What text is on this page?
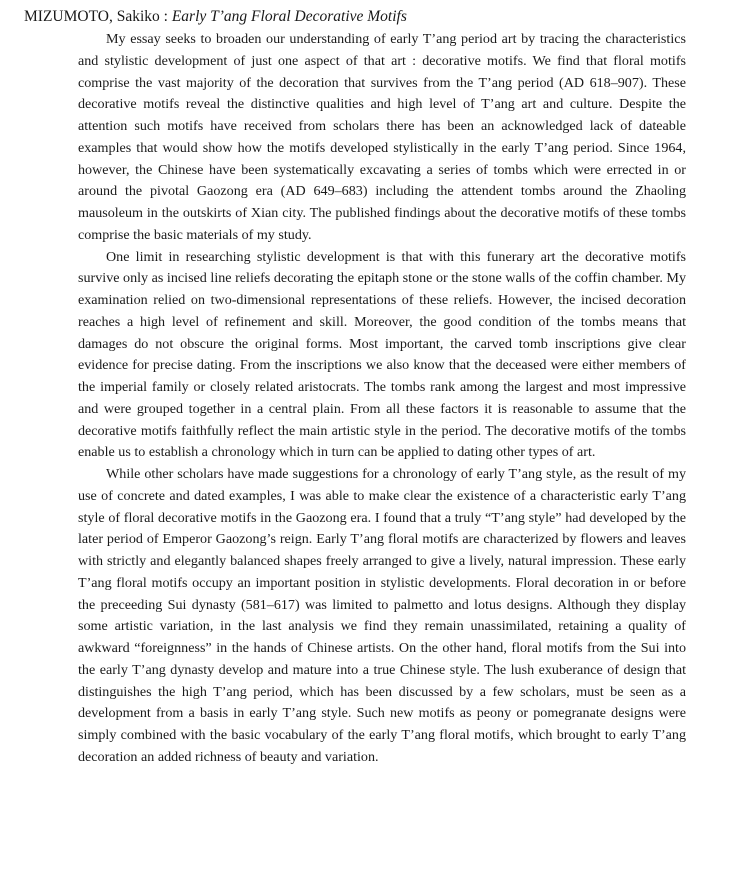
MIZUMOTO, Sakiko : Early T’ang Floral Decorative Motifs

My essay seeks to broaden our understanding of early T’ang period art by tracing the characteristics and stylistic development of just one aspect of that art : decorative motifs. We find that floral motifs comprise the vast majority of the decoration that survives from the T’ang period (AD 618–907). These decorative motifs reveal the distinctive qualities and high level of T’ang art and culture. Despite the attention such motifs have received from scholars there has been an acknowledged lack of dateable examples that would show how the motifs developed stylistically in the early T’ang period. Since 1964, however, the Chinese have been systematically excavating a series of tombs which were errected in or around the pivotal Gaozong era (AD 649–683) including the attendent tombs around the Zhaoling mausoleum in the outskirts of Xian city. The published findings about the decorative motifs of these tombs comprise the basic materials of my study.

One limit in researching stylistic development is that with this funerary art the decorative motifs survive only as incised line reliefs decorating the epitaph stone or the stone walls of the coffin chamber. My examination relied on two-dimensional representations of these reliefs. However, the incised decoration reaches a high level of refinement and skill. Moreover, the good condition of the tombs means that damages do not obscure the original forms. Most important, the carved tomb inscriptions give clear evidence for precise dating. From the inscriptions we also know that the deceased were either members of the imperial family or closely related aristocrats. The tombs rank among the largest and most impressive and were grouped together in a central plain. From all these factors it is reasonable to assume that the decorative motifs faithfully reflect the main artistic style in the period. The decorative motifs of the tombs enable us to establish a chronology which in turn can be applied to dating other types of art.

While other scholars have made suggestions for a chronology of early T’ang style, as the result of my use of concrete and dated examples, I was able to make clear the existence of a characteristic early T’ang style of floral decorative motifs in the Gaozong era. I found that a truly “T’ang style” had developed by the later period of Emperor Gaozong’s reign. Early T’ang floral motifs are characterized by flowers and leaves with strictly and elegantly balanced shapes freely arranged to give a lively, natural impression. These early T’ang floral motifs occupy an important position in stylistic developments. Floral decoration in or before the preceeding Sui dynasty (581–617) was limited to palmetto and lotus designs. Although they display some artistic variation, in the last analysis we find they remain unassimilated, retaining a quality of awkward “foreignness” in the hands of Chinese artists. On the other hand, floral motifs from the Sui into the early T’ang dynasty develop and mature into a true Chinese style. The lush exuberance of design that distinguishes the high T’ang period, which has been discussed by a few scholars, must be seen as a development from a basis in early T’ang style. Such new motifs as peony or pomegranate designs were simply combined with the basic vocabulary of the early T’ang floral motifs, which brought to early T’ang decoration an added richness of beauty and variation.
